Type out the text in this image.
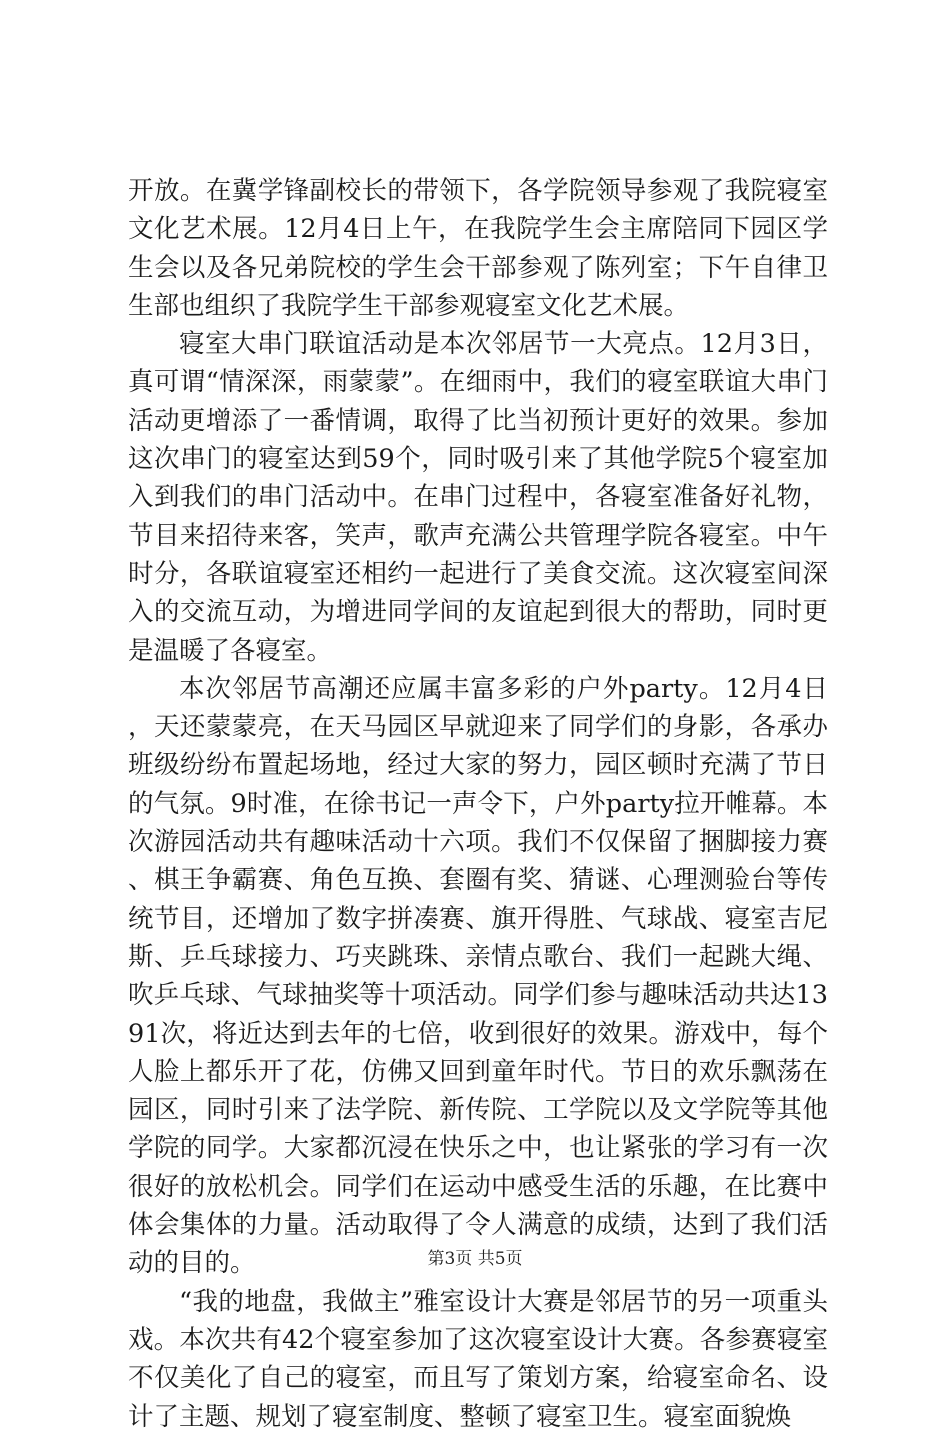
开放。在冀学锋副校长的带领下，各学院领导参观了我院寝室文化艺术展。12月4日上午，在我院学生会主席陪同下园区学生会以及各兄弟院校的学生会干部参观了陈列室；下午自律卫生部也组织了我院学生干部参观寝室文化艺术展。

寝室大串门联谊活动是本次邻居节一大亮点。12月3日，真可谓“情深深，雨蒙蒙”。在细雨中，我们的寝室联谊大串门活动更增添了一番情调，取得了比当初预计更好的效果。参加这次串门的寝室达到59个，同时吸引来了其他学院5个寝室加入到我们的串门活动中。在串门过程中，各寝室准备好礼物，节目来招待来客，笑声，歌声充满公共管理学院各寝室。中午时分，各联谊寝室还相约一起进行了美食交流。这次寝室间深入的交流互动，为增进同学间的友谊起到很大的帮助，同时更是温暖了各寝室。

本次邻居节高潮还应属丰富多彩的户外party。12月4日，天还蒙蒙亮，在天马园区早就迎来了同学们的身影，各承办班级纷纷布置起场地，经过大家的努力，园区顿时充满了节日的气氛。9时准，在徐书记一声令下，户外party拉开帷幕。本次游园活动共有趣味活动十六项。我们不仅保留了捆脚接力赛、棋王争霸赛、角色互换、套圈有奖、猜谜、心理测验台等传统节目，还增加了数字拼凑赛、旗开得胜、气球战、寝室吉尼斯、乒乓球接力、巧夹跳珠、亲情点歌台、我们一起跳大绳、吹乒乓球、气球抽奖等十项活动。同学们参与趣味活动共达1391次，将近达到去年的七倍，收到很好的效果。游戏中，每个人脸上都乐开了花，仿佛又回到童年时代。节日的欢乐飘荡在园区，同时引来了法学院、新传院、工学院以及文学院等其他学院的同学。大家都沉浸在快乐之中，也让紧张的学习有一次很好的放松机会。同学们在运动中感受生活的乐趣，在比赛中体会集体的力量。活动取得了令人满意的成绩，达到了我们活动的目的。

“我的地盘，我做主”雅室设计大赛是邻居节的另一项重头戏。本次共有42个寝室参加了这次寝室设计大赛。各参赛寝室不仅美化了自己的寝室，而且写了策划方案，给寝室命名、设计了主题、规划了寝室制度、整顿了寝室卫生。寝室面貌焕

第3页 共5页
